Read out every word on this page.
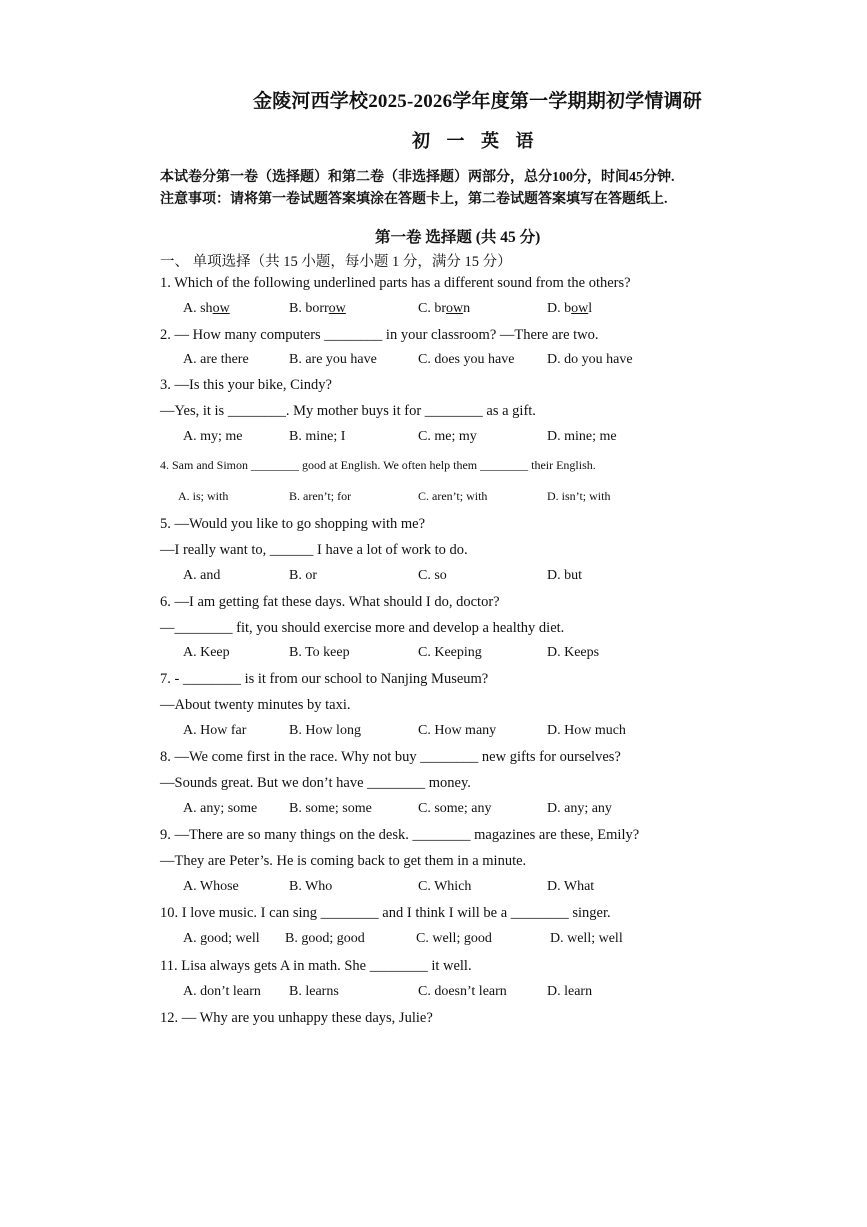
金陵河西学校2025-2026学年度第一学期期初学情调研
初 一 英 语
本试卷分第一卷（选择题）和第二卷（非选择题）两部分，总分100分，时间45分钟.
注意事项：请将第一卷试题答案填涂在答题卡上，第二卷试题答案填写在答题纸上.
第一卷 选择题 (共 45 分)
一、 单项选择（共 15 小题，每小题 1 分，满分 15 分）
1. Which of the following underlined parts has a different sound from the others?
A. show	B. borrow	C. brown	D. bowl
2. — How many computers ________ in your classroom? —There are two.
A. are there	B. are you have	C. does you have D. do you have
3. —Is this your bike, Cindy?
—Yes, it is ________. My mother buys it for ________ as a gift.
A. my; me	B. mine; I	C. me; my	D. mine; me
4. Sam and Simon ________ good at English. We often help them ________ their English.
A. is; with	B. aren’t; for	C. aren’t; with	D. isn’t; with
5. —Would you like to go shopping with me?
—I really want to, ______ I have a lot of work to do.
A. and	B. or	C. so	D. but
6. —I am getting fat these days. What should I do, doctor?
—________ fit, you should exercise more and develop a healthy diet.
A. Keep	B. To keep	C. Keeping	D. Keeps
7. - ________ is it from our school to Nanjing Museum?
—About twenty minutes by taxi.
A. How far	B. How long	C. How many	D. How much
8. —We come first in the race. Why not buy ________ new gifts for ourselves?
—Sounds great. But we don’t have ________ money.
A. any; some B. some; some	C. some; any	D. any; any
9. —There are so many things on the desk. ________ magazines are these, Emily?
—They are Peter’s. He is coming back to get them in a minute.
A. Whose	B. Who	C. Which	D. What
10. I love music. I can sing ________ and I think I will be a ________ singer.
A. good; well B. good; good	C. well; good	D. well; well
11. Lisa always gets A in math. She ________ it well.
A. don’t learn B. learns	C. doesn’t learn	D. learn
12. — Why are you unhappy these days, Julie?
